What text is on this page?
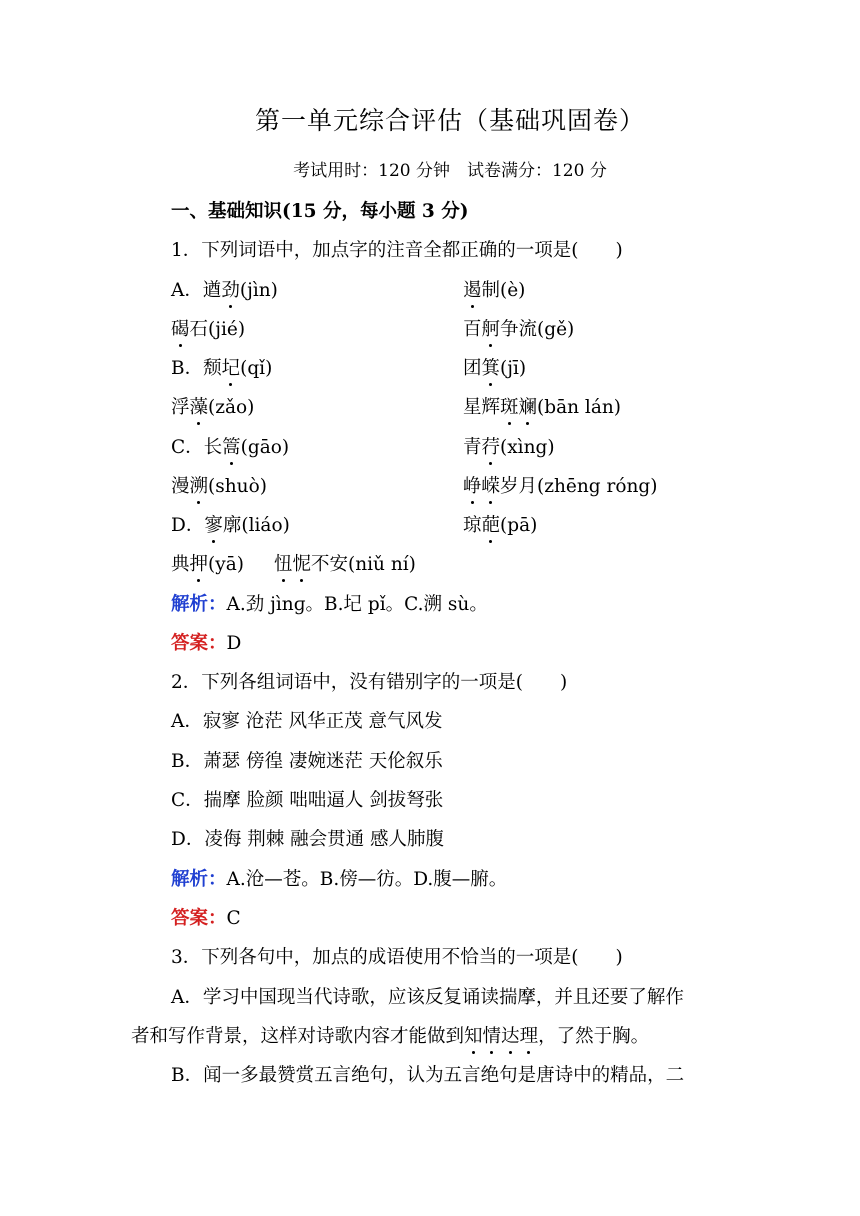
第一单元综合评估（基础巩固卷）
考试用时：120 分钟　试卷满分：120 分
一、基础知识(15 分，每小题 3 分)
1．下列词语中，加点字的注音全都正确的一项是(　　)
A．遒劲(jìn)	遏制(è)
碣石(jié)	百舸争流(gě)
B．颓圮(qǐ)	团箕(jī)
浮藻(zǎo)	星辉斑斓(bān lán)
C．长篙(gāo)	青荇(xìng)
漫溯(shuò)	峥嵘岁月(zhēng róng)
D．寥廓(liáo)	琼葩(pā)
典押(yā) 忸怩不安(niǔ ní)
解析：A.劲 jìnɡ。B.圮 pǐ。C.溯 sù。
答案：D
2．下列各组词语中，没有错别字的一项是(　　)
A．寂寥 沧茫 风华正茂 意气风发
B．萧瑟 傍徨 凄婉迷茫 天伦叙乐
C．揣摩 脸颜 咄咄逼人 剑拔弩张
D．凌侮 荆棘 融会贯通 感人肺腹
解析：A.沧—苍。B.傍—彷。D.腹—腑。
答案：C
3．下列各句中，加点的成语使用不恰当的一项是(　　)
A．学习中国现当代诗歌，应该反复诵读揣摩，并且还要了解作
者和写作背景，这样对诗歌内容才能做到知情达理，了然于胸。
B．闻一多最赞赏五言绝句，认为五言绝句是唐诗中的精品，二
